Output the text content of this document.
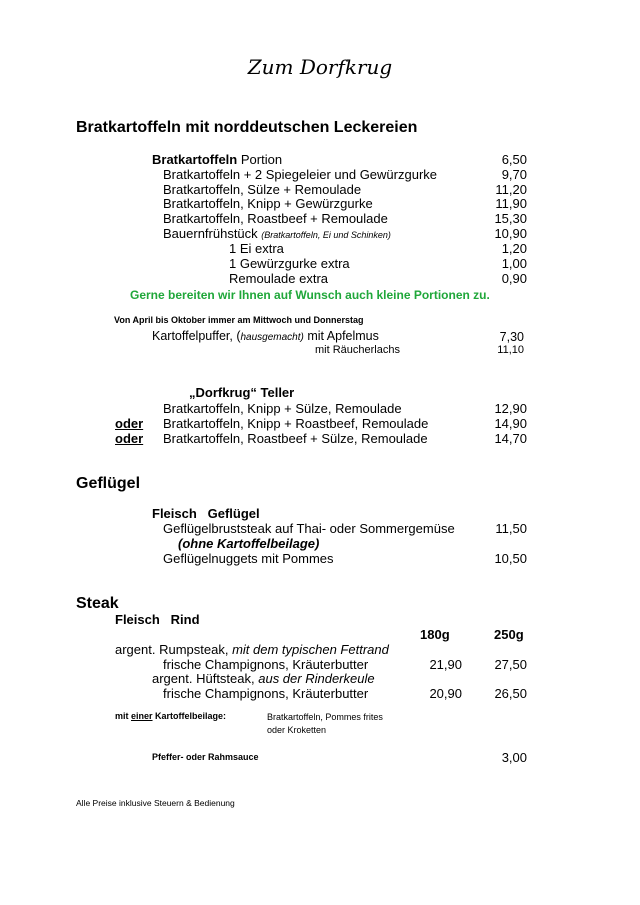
Zum Dorfkrug
Bratkartoffeln mit norddeutschen Leckereien
Bratkartoffeln Portion	6,50
Bratkartoffeln + 2 Spiegeleier und Gewürzgurke	9,70
Bratkartoffeln, Sülze + Remoulade	11,20
Bratkartoffeln, Knipp + Gewürzgurke	11,90
Bratkartoffeln, Roastbeef + Remoulade	15,30
Bauernfrühstück (Bratkartoffeln, Ei und Schinken)	10,90
1 Ei extra	1,20
1 Gewürzgurke extra	1,00
Remoulade extra	0,90
Gerne bereiten wir Ihnen auf Wunsch auch kleine Portionen zu.
Von April bis Oktober immer am Mittwoch und Donnerstag
Kartoffelpuffer, (hausgemacht) mit Apfelmus	7,30
mit Räucherlachs	11,10
„Dorfkrug“ Teller
Bratkartoffeln, Knipp + Sülze, Remoulade	12,90
oder Bratkartoffeln, Knipp + Roastbeef, Remoulade	14,90
oder Bratkartoffeln, Roastbeef + Sülze, Remoulade	14,70
Geflügel
Fleisch   Geflügel
Geflügelbruststeak auf Thai- oder Sommergemüse	11,50
(ohne Kartoffelbeilage)
Geflügelnuggets mit Pommes	10,50
Steak
Fleisch   Rind
180g	250g
argent. Rumpsteak, mit dem typischen Fettrand
frische Champignons, Kräuterbutter	21,90	27,50
argent. Hüftsteak, aus der Rinderkeule
frische Champignons, Kräuterbutter	20,90	26,50
mit einer Kartoffelbeilage:	Bratkartoffeln, Pommes frites
oder Kroketten
Pfeffer- oder Rahmsauce	3,00
Alle Preise inklusive Steuern & Bedienung
